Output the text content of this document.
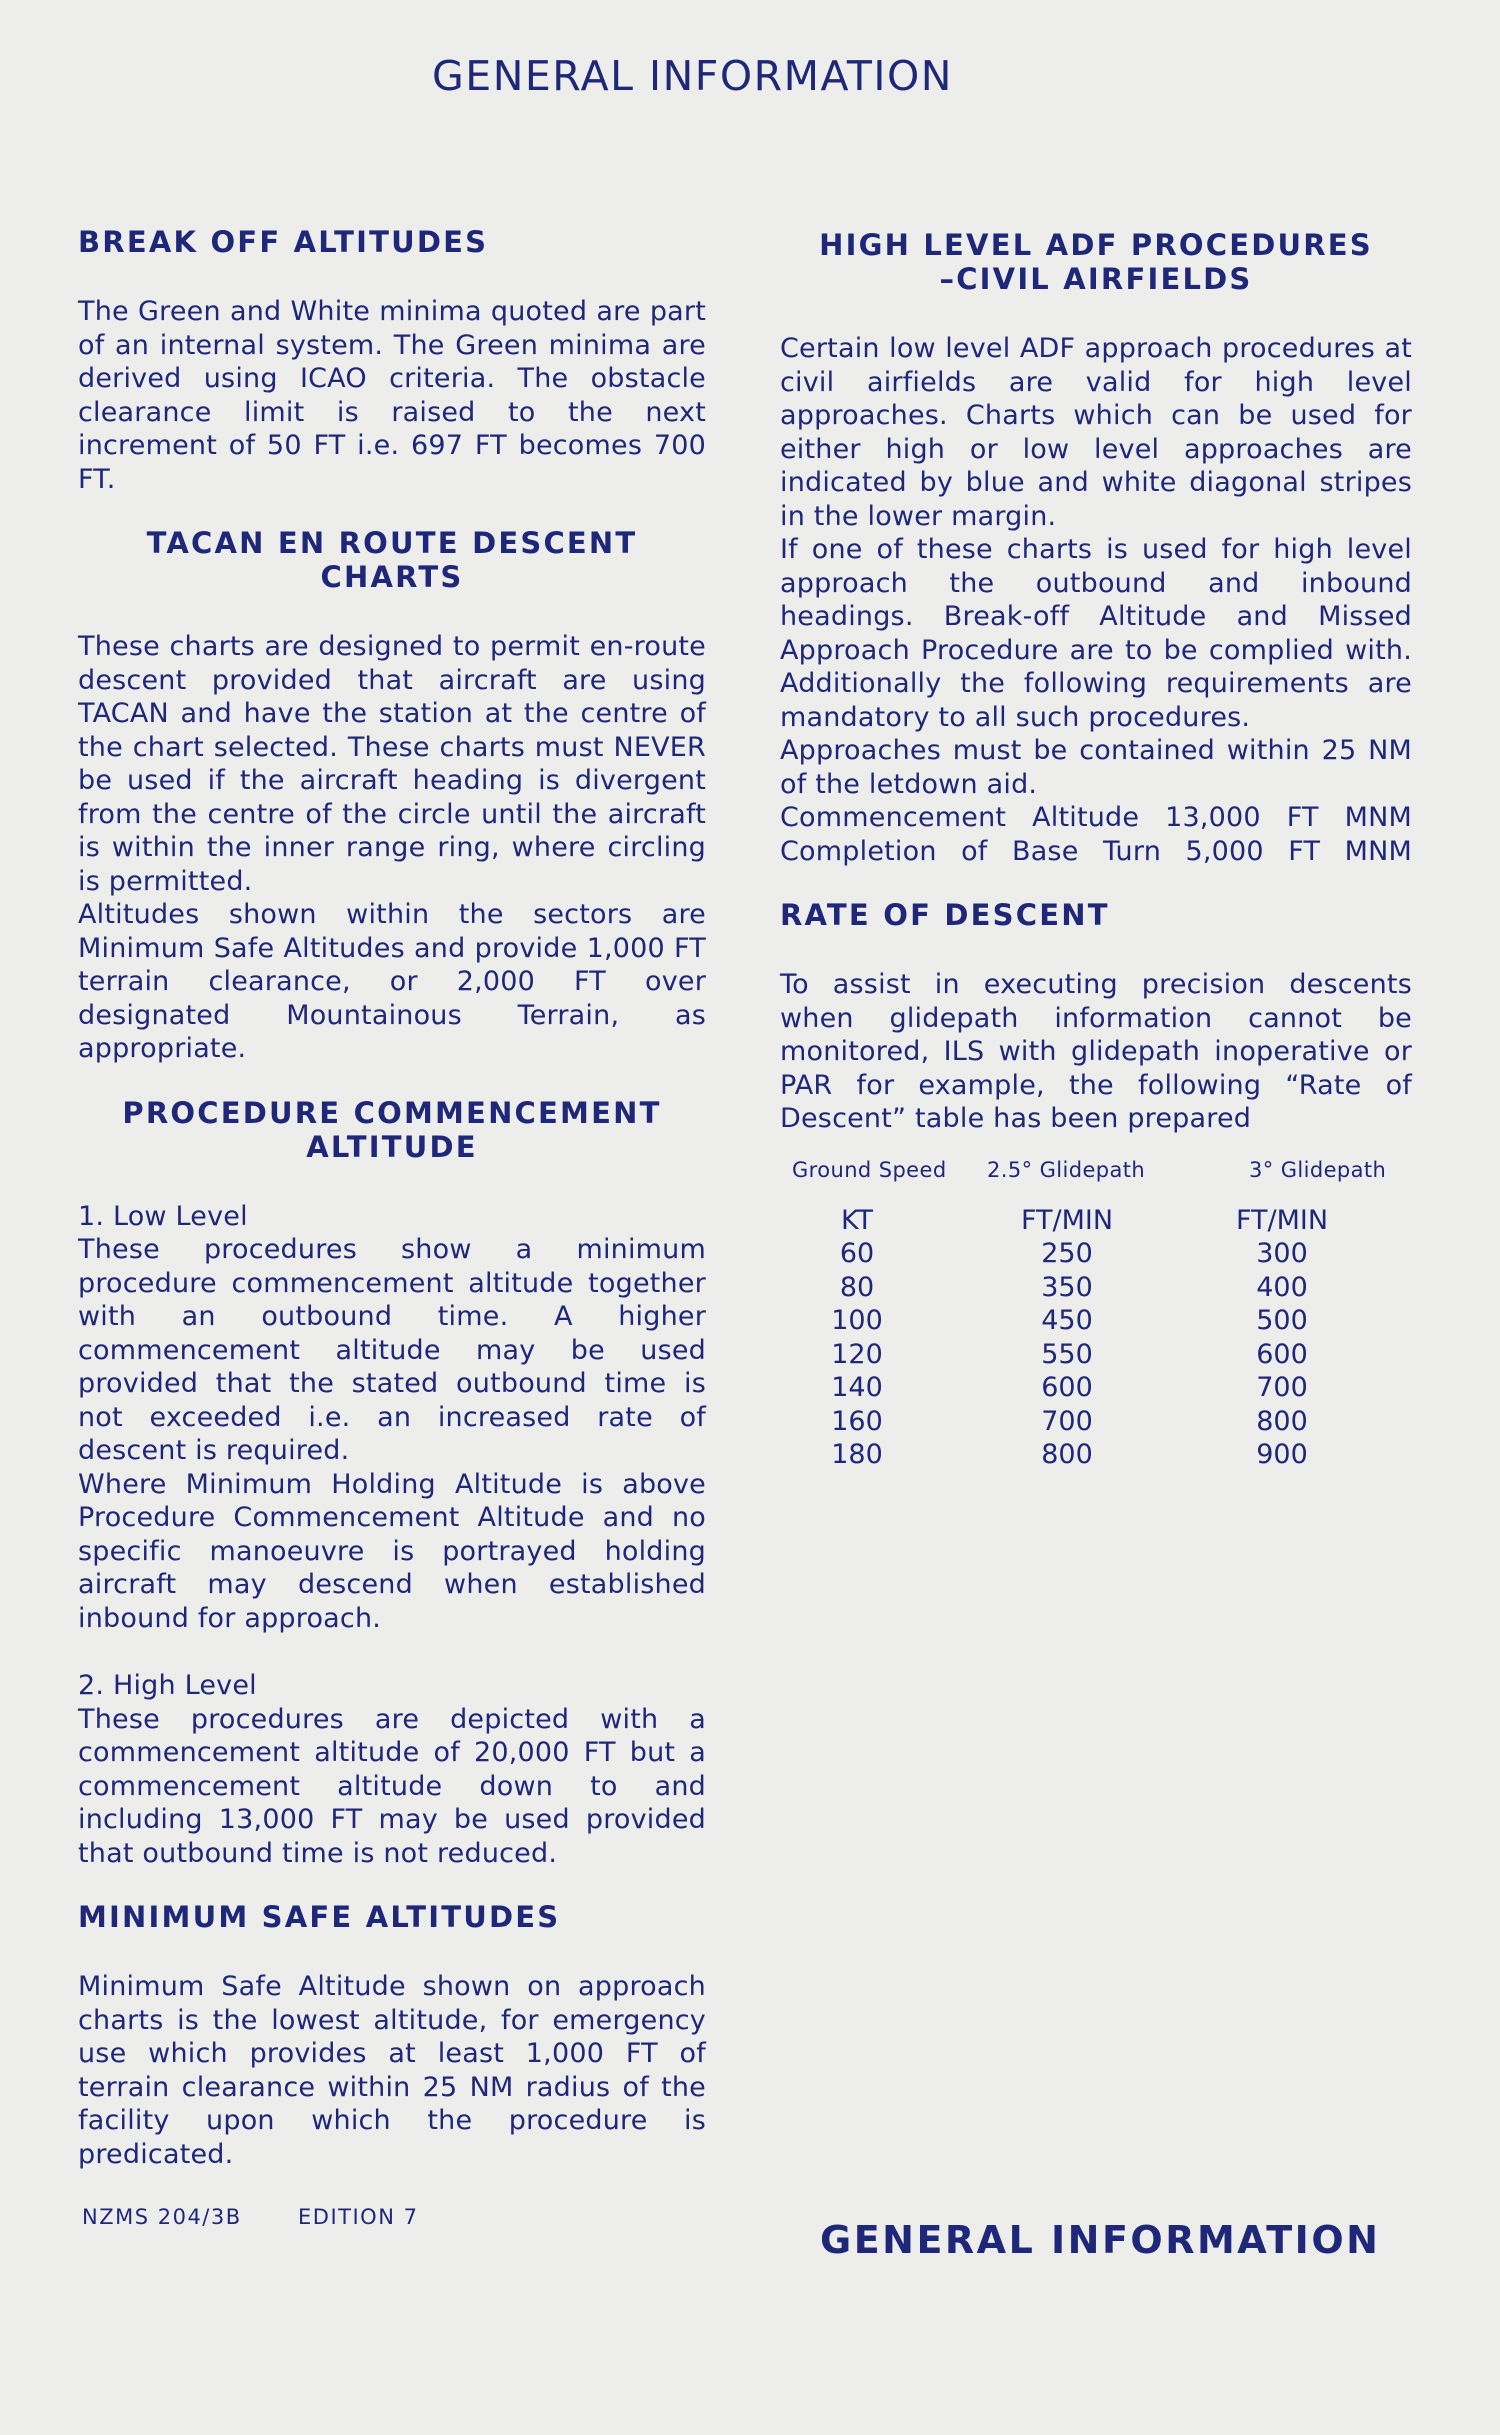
GENERAL INFORMATION
BREAK OFF ALTITUDES

The Green and White minima quoted are part of an internal system. The Green minima are derived using ICAO criteria. The obstacle clearance limit is raised to the next increment of 50 FT i.e. 697 FT becomes 700 FT.

TACAN EN ROUTE DESCENT
CHARTS

These charts are designed to permit en-route descent provided that aircraft are using TACAN and have the station at the centre of the chart selected. These charts must NEVER be used if the aircraft heading is divergent from the centre of the circle until the aircraft is within the inner range ring, where circling is permitted.

Altitudes shown within the sectors are Minimum Safe Altitudes and provide 1,000 FT terrain clearance, or 2,000 FT over designated Mountainous Terrain, as appropriate.

PROCEDURE COMMENCEMENT
ALTITUDE

1. Low Level

These procedures show a minimum procedure commencement altitude together with an outbound time. A higher commencement altitude may be used provided that the stated outbound time is not exceeded i.e. an increased rate of descent is required.

Where Minimum Holding Altitude is above Procedure Commencement Altitude and no specific manoeuvre is portrayed holding aircraft may descend when established inbound for approach.

2. High Level

These procedures are depicted with a commencement altitude of 20,000 FT but a commencement altitude down to and including 13,000 FT may be used provided that outbound time is not reduced.

MINIMUM SAFE ALTITUDES

Minimum Safe Altitude shown on approach charts is the lowest altitude, for emergency use which provides at least 1,000 FT of terrain clearance within 25 NM radius of the facility upon which the procedure is predicated.

HIGH LEVEL ADF PROCEDURES
–CIVIL AIRFIELDS

Certain low level ADF approach procedures at civil airfields are valid for high level approaches. Charts which can be used for either high or low level approaches are indicated by blue and white diagonal stripes in the lower margin.

If one of these charts is used for high level approach the outbound and inbound headings. Break-off Altitude and Missed Approach Procedure are to be complied with. Additionally the following requirements are mandatory to all such procedures.

Approaches must be contained within 25 NM of the letdown aid.

Commencement Altitude 13,000 FT MNM

Completion of Base Turn 5,000 FT MNM

RATE OF DESCENT

To assist in executing precision descents when glidepath information cannot be monitored, ILS with glidepath inoperative or PAR for example, the following “Rate of Descent” table has been prepared

Ground Speed	2.5° Glidepath	3° Glidepath
KT	FT/MIN	FT/MIN
60	250	300
80	350	400
100	450	500
120	550	600
140	600	700
160	700	800
180	800	900
NZMS 204/3B	EDITION 7
GENERAL INFORMATION
